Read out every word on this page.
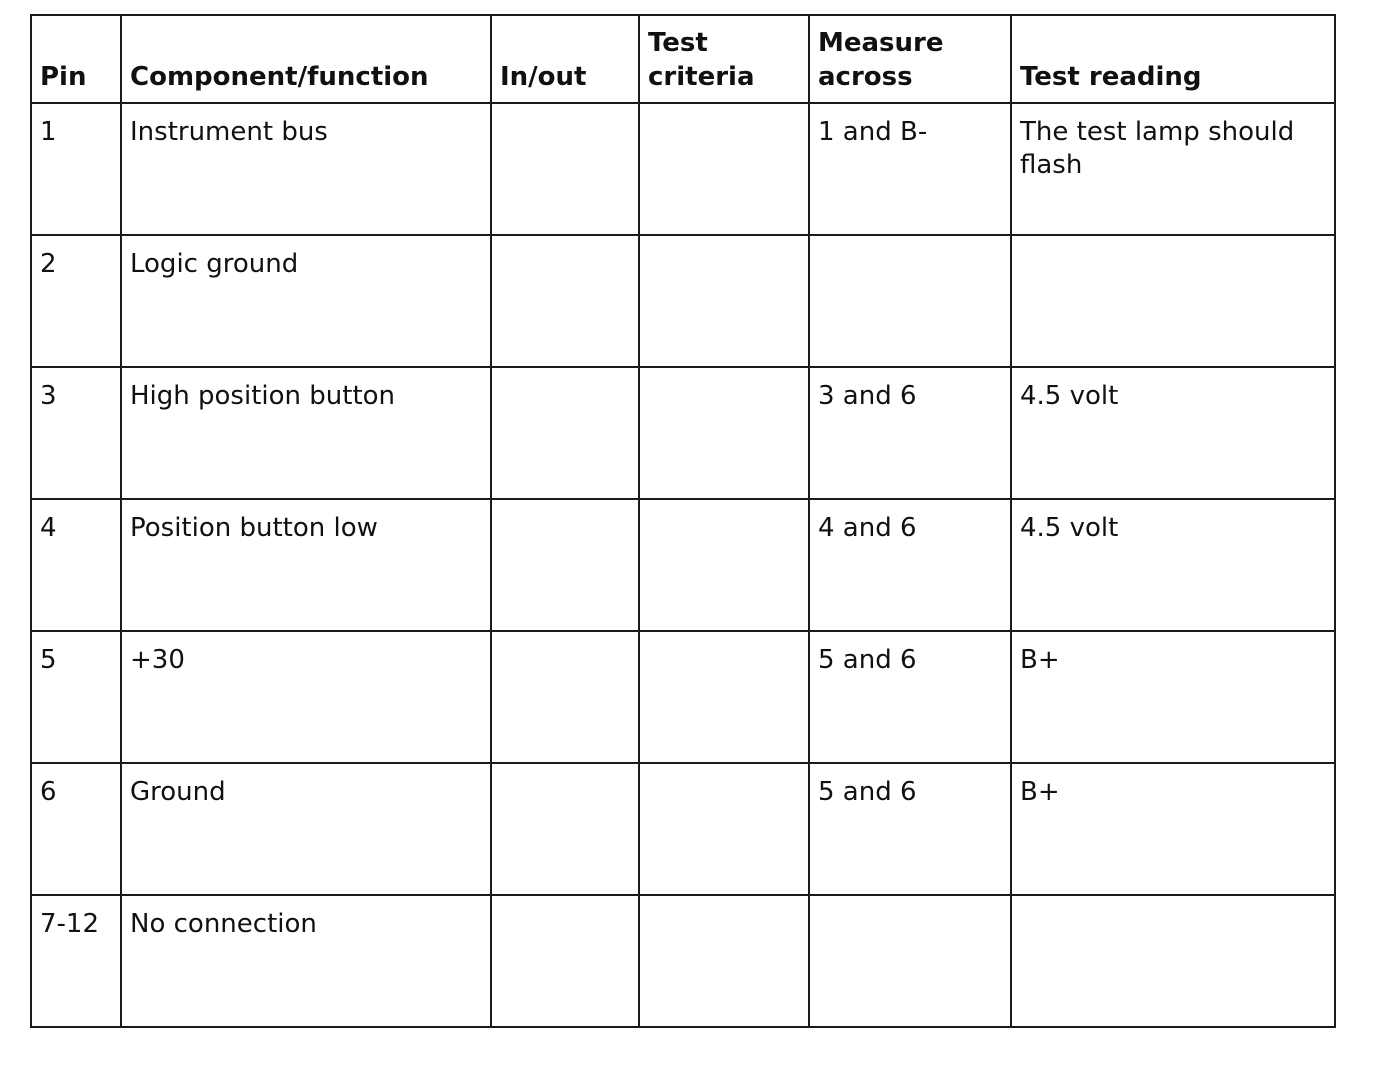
Pin	Component/function	In/out	Test criteria	Measure across	Test reading
1	Instrument bus			1 and B-	The test lamp should flash
2	Logic ground				
3	High position button			3 and 6	4.5 volt
4	Position button low			4 and 6	4.5 volt
5	+30			5 and 6	B+
6	Ground			5 and 6	B+
7-12	No connection				
